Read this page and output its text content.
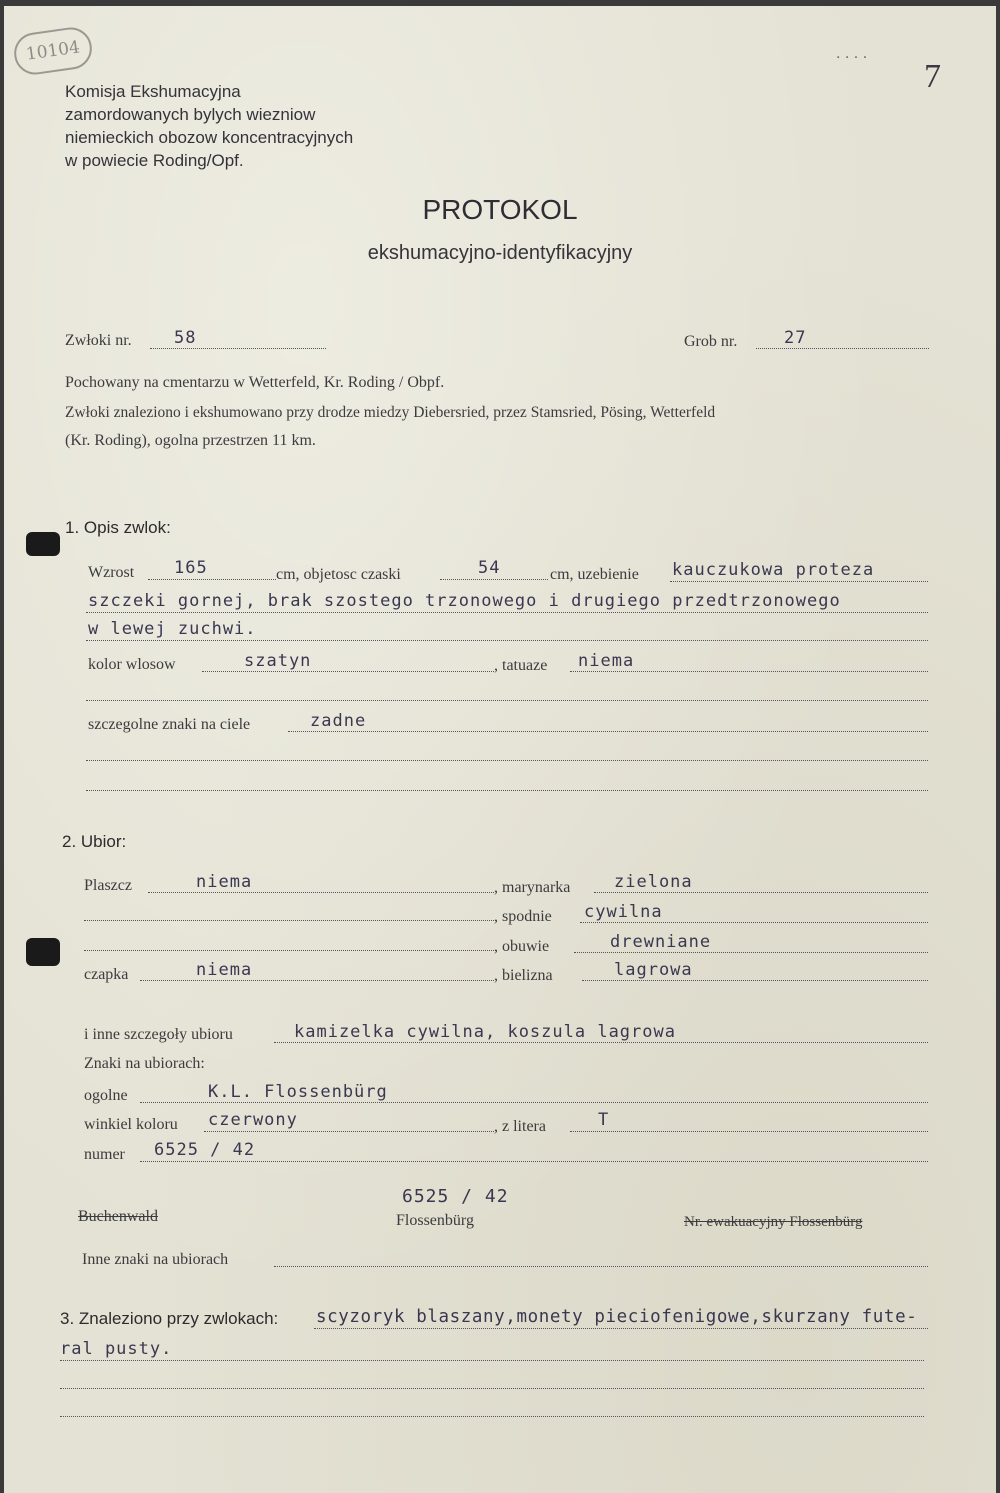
10104
7
. . . .
Komisja Ekshumacyjna
zamordowanych bylych wiezniow
niemieckich obozow koncentracyjnych
w powiecie Roding/Opf.
PROTOKOL
ekshumacyjno-identyfikacyjny
Zwłoki nr. 58	Grob nr.	27
Pochowany na cmentarzu w Wetterfeld, Kr. Roding / Obpf.
Zwłoki znaleziono i ekshumowano przy drodze miedzy Diebersried, przez Stamsried, Pösing, Wetterfeld
(Kr. Roding), ogolna przestrzen 11 km.
1. Opis zwlok:
Wzrost 165	cm, objetosc czaski	54	cm, uzebienie kauczukowa proteza
szczeki gornej, brak szostego trzonowego i drugiego przedtrzonowego
w lewej zuchwi.
kolor wlosow	szatyn	, tatuaze niema
szczegolne znaki na ciele	zadne
2. Ubior:
Plaszcz	niema	, marynarka	zielona
, spodnie cywilna
, obuwie	drewniane
czapka	niema	, bielizna	lagrowa
i inne szczegoły ubioru	kamizelka cywilna, koszula lagrowa
Znaki na ubiorach:
ogolne	K.L. Flossenbürg
winkiel koloru czerwony	, z litera	T
numer 6525 / 42
6525 / 42
Buchenwald	Flossenbürg	Nr. ewakuacyjny Flossenbürg
Inne znaki na ubiorach
3. Znaleziono przy zwlokach: scyzoryk blaszany,monety pieciofenigowe,skurzany fute-
ral pusty.
